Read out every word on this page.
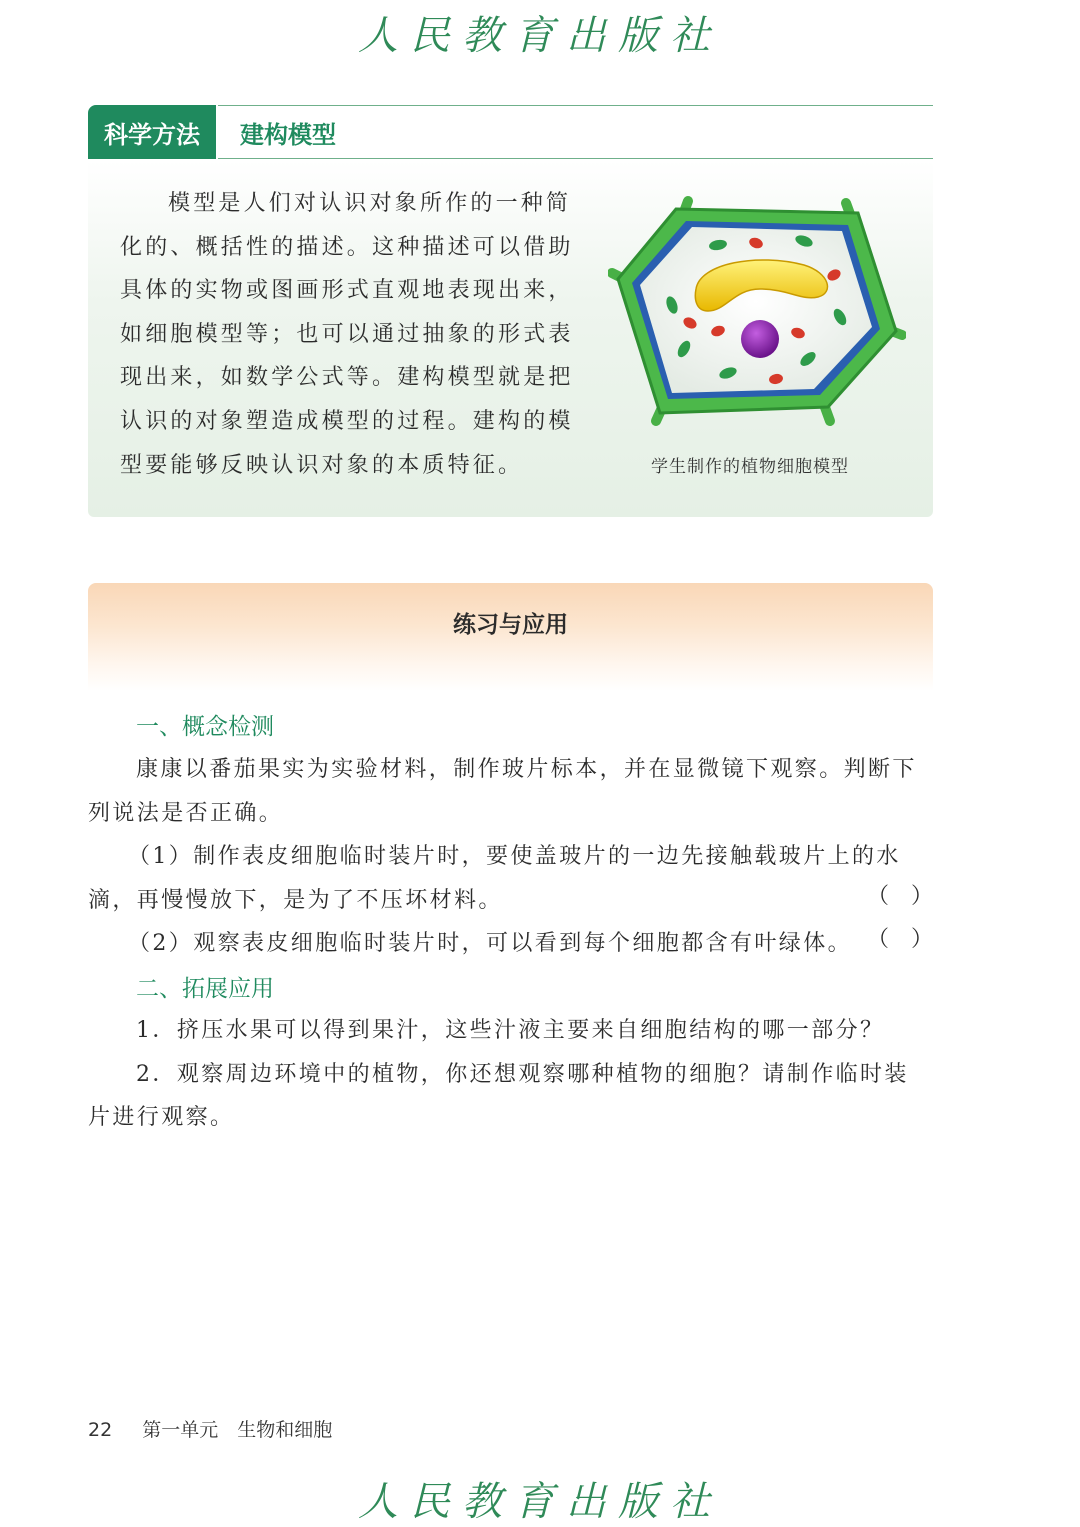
人民教育出版社
科学方法	建构模型

模型是人们对认识对象所作的一种简

化的、概括性的描述。这种描述可以借助

具体的实物或图画形式直观地表现出来，

如细胞模型等；也可以通过抽象的形式表

现出来，如数学公式等。建构模型就是把

认识的对象塑造成模型的过程。建构的模

型要能够反映认识对象的本质特征。	学生制作的植物细胞模型
练习与应用
一、概念检测

康康以番茄果实为实验材料，制作玻片标本，并在显微镜下观察。判断下

列说法是否正确。

（1）制作表皮细胞临时装片时，要使盖玻片的一边先接触载玻片上的水

滴，再慢慢放下，是为了不压坏材料。

（2）观察表皮细胞临时装片时，可以看到每个细胞都含有叶绿体。

（　）
（　）
二、拓展应用

1．挤压水果可以得到果汁，这些汁液主要来自细胞结构的哪一部分？

2．观察周边环境中的植物，你还想观察哪种植物的细胞？请制作临时装

片进行观察。

22 第一单元　生物和细胞
人民教育出版社
